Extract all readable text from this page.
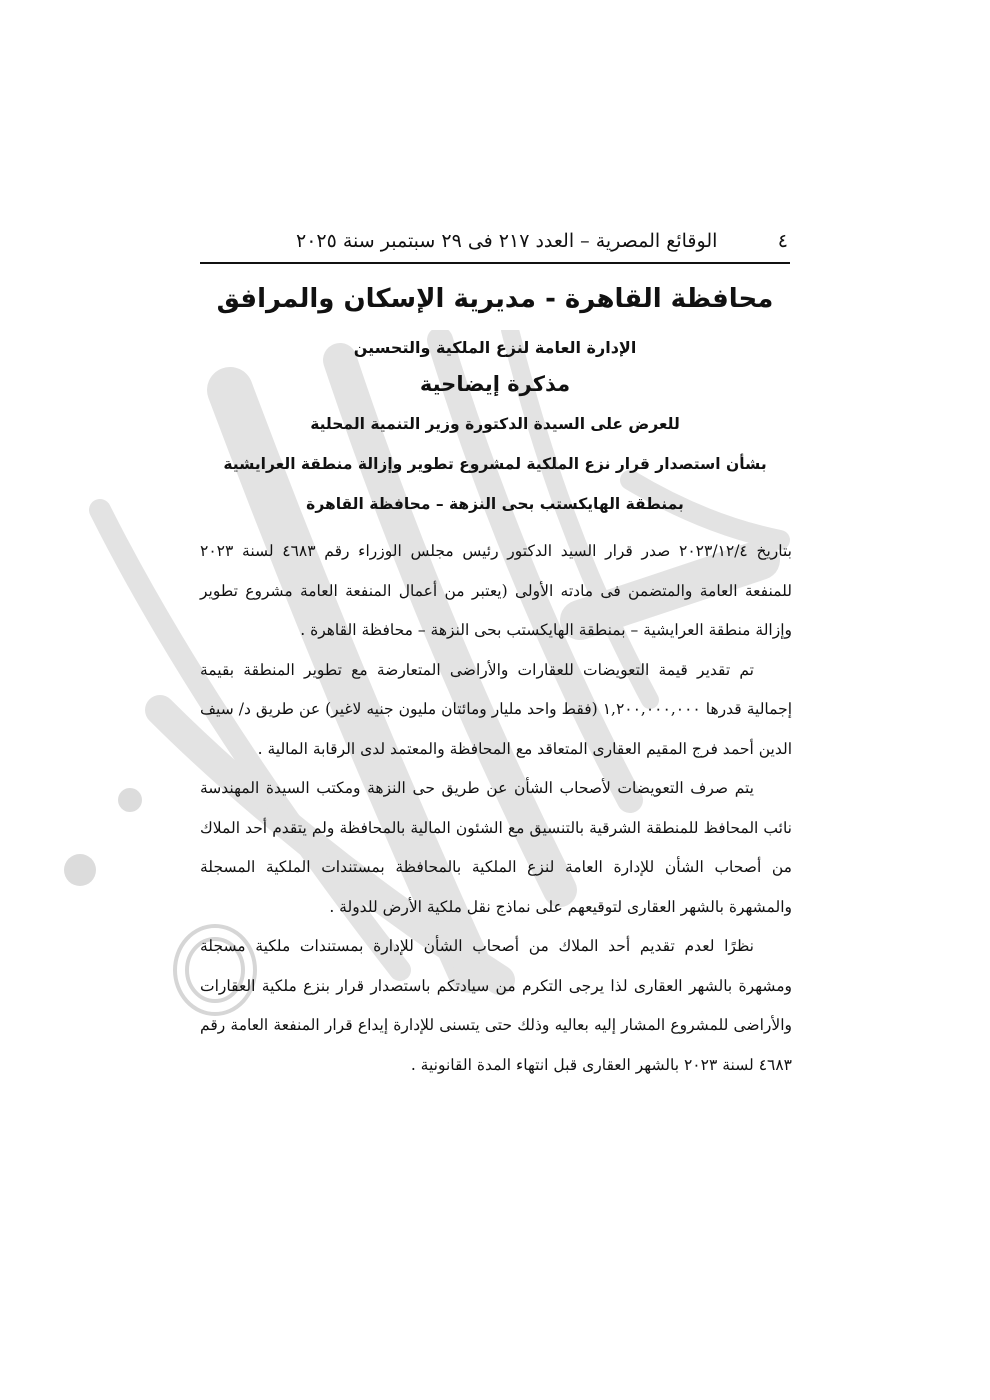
٤
الوقائع المصرية – العدد ٢١٧ فى ٢٩ سبتمبر سنة ٢٠٢٥
محافظة القاهرة - مديرية الإسكان والمرافق
الإدارة العامة لنزع الملكية والتحسين
مذكرة إيضاحية
للعرض على السيدة الدكتورة وزير التنمية المحلية
بشأن استصدار قرار نزع الملكية لمشروع تطوير وإزالة منطقة العرايشية
بمنطقة الهايكستب بحى النزهة – محافظة القاهرة

بتاريخ ٢٠٢٣/١٢/٤ صدر قرار السيد الدكتور رئيس مجلس الوزراء رقم ٤٦٨٣ لسنة ٢٠٢٣ للمنفعة العامة والمتضمن فى مادته الأولى (يعتبر من أعمال المنفعة العامة مشروع تطوير وإزالة منطقة العرايشية – بمنطقة الهايكستب بحى النزهة – محافظة القاهرة .

تم تقدير قيمة التعويضات للعقارات والأراضى المتعارضة مع تطوير المنطقة بقيمة إجمالية قدرها ١,٢٠٠,٠٠٠,٠٠٠ (فقط واحد مليار ومائتان مليون جنيه لاغير) عن طريق د/ سيف الدين أحمد فرج المقيم العقارى المتعاقد مع المحافظة والمعتمد لدى الرقابة المالية .

يتم صرف التعويضات لأصحاب الشأن عن طريق حى النزهة ومكتب السيدة المهندسة نائب المحافظ للمنطقة الشرقية بالتنسيق مع الشئون المالية بالمحافظة ولم يتقدم أحد الملاك من أصحاب الشأن للإدارة العامة لنزع الملكية بالمحافظة بمستندات الملكية المسجلة والمشهرة بالشهر العقارى لتوقيعهم على نماذج نقل ملكية الأرض للدولة .

نظرًا لعدم تقديم أحد الملاك من أصحاب الشأن للإدارة بمستندات ملكية مسجلة ومشهرة بالشهر العقارى لذا يرجى التكرم من سيادتكم باستصدار قرار بنزع ملكية العقارات والأراضى للمشروع المشار إليه بعاليه وذلك حتى يتسنى للإدارة إيداع قرار المنفعة العامة رقم ٤٦٨٣ لسنة ٢٠٢٣ بالشهر العقارى قبل انتهاء المدة القانونية .
